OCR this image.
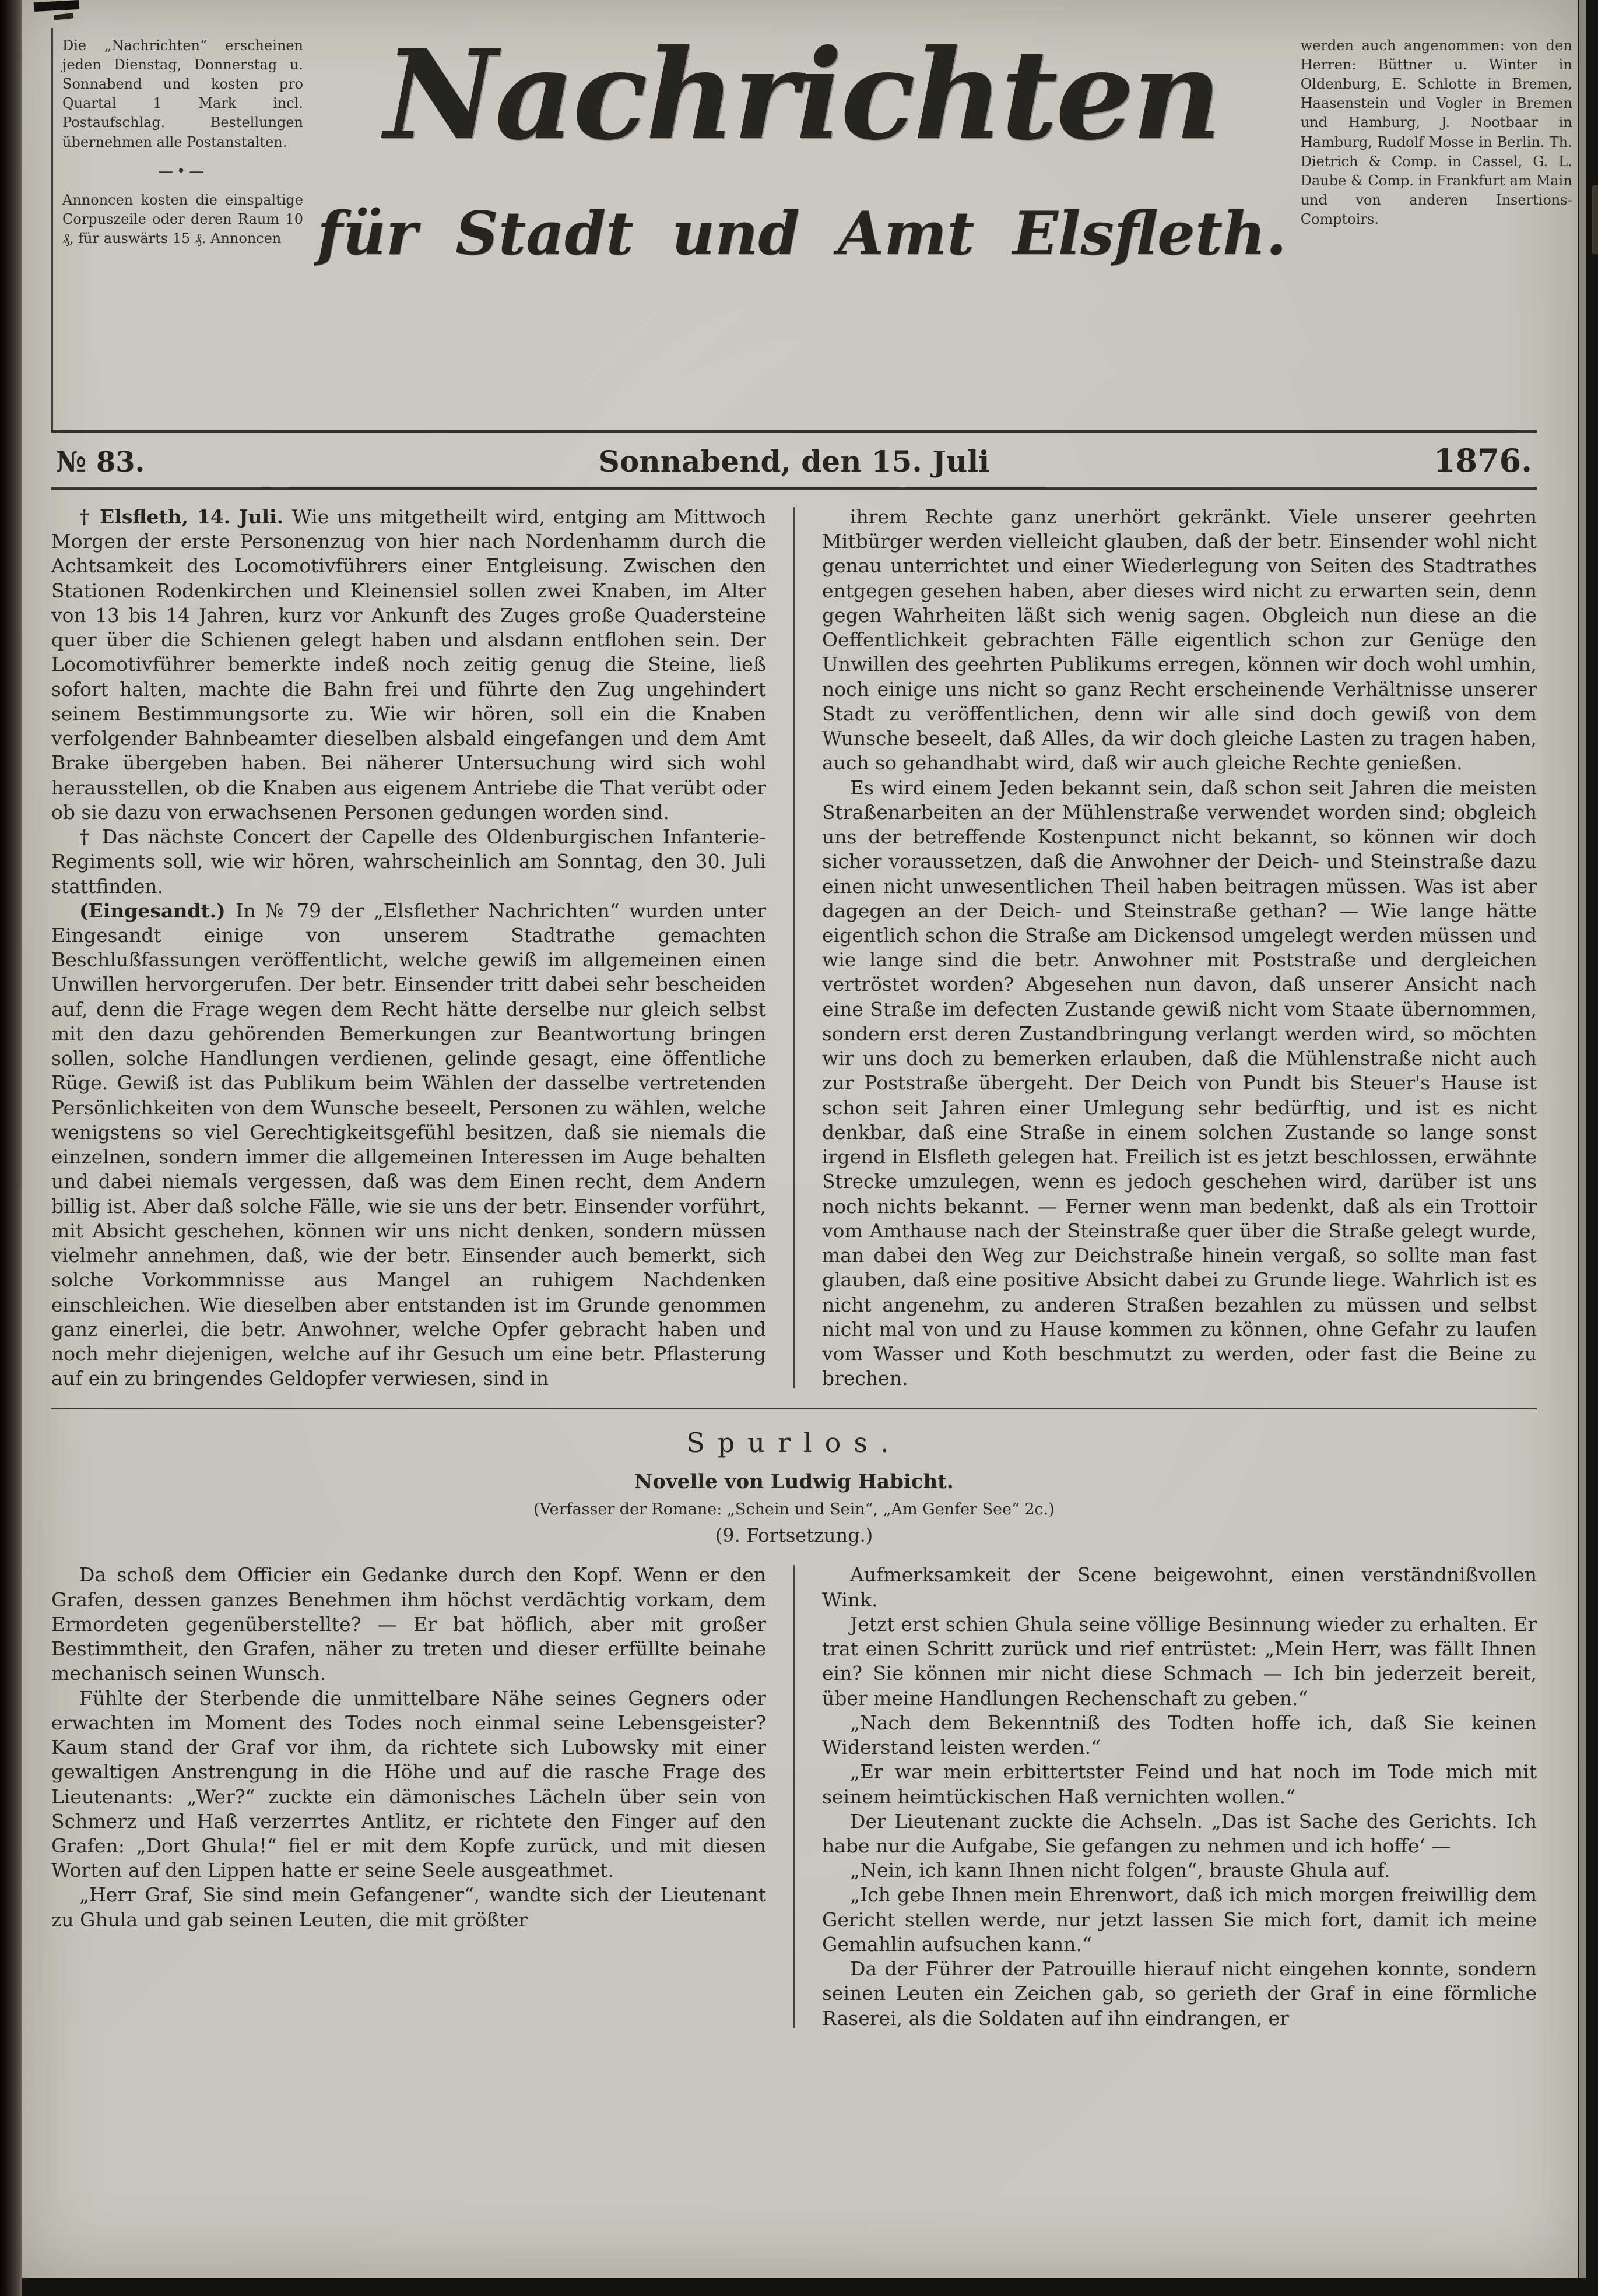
Die „Nachrichten“ erscheinen jeden Dienstag, Donnerstag u. Sonnabend und kosten pro Quartal 1 Mark incl. Postaufschlag. Bestellungen übernehmen alle Postanstalten.
—•—
Annoncen kosten die einspaltige Corpuszeile oder deren Raum 10 ₰, für auswärts 15 ₰. Annoncen
Nachrichten
für Stadt und Amt Elsfleth.
werden auch angenommen: von den Herren: Büttner u. Winter in Oldenburg, E. Schlotte in Bremen, Haasenstein und Vogler in Bremen und Hamburg, J. Nootbaar in Hamburg, Rudolf Mosse in Berlin. Th. Dietrich & Comp. in Cassel, G. L. Daube & Comp. in Frankfurt am Main und von anderen Insertions-Comptoirs.
№ 83.	Sonnabend, den 15. Juli	1876.

† Elsfleth, 14. Juli. Wie uns mitgetheilt wird, entging am Mittwoch Morgen der erste Personenzug von hier nach Nordenhamm durch die Achtsamkeit des Locomotivführers einer Entgleisung. Zwischen den Stationen Rodenkirchen und Kleinensiel sollen zwei Knaben, im Alter von 13 bis 14 Jahren, kurz vor Ankunft des Zuges große Quadersteine quer über die Schienen gelegt haben und alsdann entflohen sein. Der Locomotivführer bemerkte indeß noch zeitig genug die Steine, ließ sofort halten, machte die Bahn frei und führte den Zug ungehindert seinem Bestimmungsorte zu. Wie wir hören, soll ein die Knaben verfolgender Bahnbeamter dieselben alsbald eingefangen und dem Amt Brake übergeben haben. Bei näherer Untersuchung wird sich wohl herausstellen, ob die Knaben aus eigenem Antriebe die That verübt oder ob sie dazu von erwachsenen Personen gedungen worden sind.

† Das nächste Concert der Capelle des Oldenburgischen Infanterie-Regiments soll, wie wir hören, wahrscheinlich am Sonntag, den 30. Juli stattfinden.

(Eingesandt.) In № 79 der „Elsflether Nachrichten“ wurden unter Eingesandt einige von unserem Stadtrathe gemachten Beschlußfassungen veröffentlicht, welche gewiß im allgemeinen einen Unwillen hervorgerufen. Der betr. Einsender tritt dabei sehr bescheiden auf, denn die Frage wegen dem Recht hätte derselbe nur gleich selbst mit den dazu gehörenden Bemerkungen zur Beantwortung bringen sollen, solche Handlungen verdienen, gelinde gesagt, eine öffentliche Rüge. Gewiß ist das Publikum beim Wählen der dasselbe vertretenden Persönlichkeiten von dem Wunsche beseelt, Personen zu wählen, welche wenigstens so viel Gerechtigkeitsgefühl besitzen, daß sie niemals die einzelnen, sondern immer die allgemeinen Interessen im Auge behalten und dabei niemals vergessen, daß was dem Einen recht, dem Andern billig ist. Aber daß solche Fälle, wie sie uns der betr. Einsender vorführt, mit Absicht geschehen, können wir uns nicht denken, sondern müssen vielmehr annehmen, daß, wie der betr. Einsender auch bemerkt, sich solche Vorkommnisse aus Mangel an ruhigem Nachdenken einschleichen. Wie dieselben aber entstanden ist im Grunde genommen ganz einerlei, die betr. Anwohner, welche Opfer gebracht haben und noch mehr diejenigen, welche auf ihr Gesuch um eine betr. Pflasterung auf ein zu bringendes Geldopfer verwiesen, sind in

ihrem Rechte ganz unerhört gekränkt. Viele unserer geehrten Mitbürger werden vielleicht glauben, daß der betr. Einsender wohl nicht genau unterrichtet und einer Wiederlegung von Seiten des Stadtrathes entgegen gesehen haben, aber dieses wird nicht zu erwarten sein, denn gegen Wahrheiten läßt sich wenig sagen. Obgleich nun diese an die Oeffentlichkeit gebrachten Fälle eigentlich schon zur Genüge den Unwillen des geehrten Publikums erregen, können wir doch wohl umhin, noch einige uns nicht so ganz Recht erscheinende Verhältnisse unserer Stadt zu veröffentlichen, denn wir alle sind doch gewiß von dem Wunsche beseelt, daß Alles, da wir doch gleiche Lasten zu tragen haben, auch so gehandhabt wird, daß wir auch gleiche Rechte genießen.

Es wird einem Jeden bekannt sein, daß schon seit Jahren die meisten Straßenarbeiten an der Mühlenstraße verwendet worden sind; obgleich uns der betreffende Kostenpunct nicht bekannt, so können wir doch sicher voraussetzen, daß die Anwohner der Deich- und Steinstraße dazu einen nicht unwesentlichen Theil haben beitragen müssen. Was ist aber dagegen an der Deich- und Steinstraße gethan? — Wie lange hätte eigentlich schon die Straße am Dickensod umgelegt werden müssen und wie lange sind die betr. Anwohner mit Poststraße und dergleichen vertröstet worden? Abgesehen nun davon, daß unserer Ansicht nach eine Straße im defecten Zustande gewiß nicht vom Staate übernommen, sondern erst deren Zustandbringung verlangt werden wird, so möchten wir uns doch zu bemerken erlauben, daß die Mühlenstraße nicht auch zur Poststraße übergeht. Der Deich von Pundt bis Steuer's Hause ist schon seit Jahren einer Umlegung sehr bedürftig, und ist es nicht denkbar, daß eine Straße in einem solchen Zustande so lange sonst irgend in Elsfleth gelegen hat. Freilich ist es jetzt beschlossen, erwähnte Strecke umzulegen, wenn es jedoch geschehen wird, darüber ist uns noch nichts bekannt. — Ferner wenn man bedenkt, daß als ein Trottoir vom Amthause nach der Steinstraße quer über die Straße gelegt wurde, man dabei den Weg zur Deichstraße hinein vergaß, so sollte man fast glauben, daß eine positive Absicht dabei zu Grunde liege. Wahrlich ist es nicht angenehm, zu anderen Straßen bezahlen zu müssen und selbst nicht mal von und zu Hause kommen zu können, ohne Gefahr zu laufen vom Wasser und Koth beschmutzt zu werden, oder fast die Beine zu brechen.

Spurlos.
Novelle von Ludwig Habicht.
(Verfasser der Romane: „Schein und Sein“, „Am Genfer See“ 2c.)
(9. Fortsetzung.)

Da schoß dem Officier ein Gedanke durch den Kopf. Wenn er den Grafen, dessen ganzes Benehmen ihm höchst verdächtig vorkam, dem Ermordeten gegenüberstellte? — Er bat höflich, aber mit großer Bestimmtheit, den Grafen, näher zu treten und dieser erfüllte beinahe mechanisch seinen Wunsch.

Fühlte der Sterbende die unmittelbare Nähe seines Gegners oder erwachten im Moment des Todes noch einmal seine Lebensgeister? Kaum stand der Graf vor ihm, da richtete sich Lubowsky mit einer gewaltigen Anstrengung in die Höhe und auf die rasche Frage des Lieutenants: „Wer?“ zuckte ein dämonisches Lächeln über sein von Schmerz und Haß verzerrtes Antlitz, er richtete den Finger auf den Grafen: „Dort Ghula!“ fiel er mit dem Kopfe zurück, und mit diesen Worten auf den Lippen hatte er seine Seele ausgeathmet.

„Herr Graf, Sie sind mein Gefangener“, wandte sich der Lieutenant zu Ghula und gab seinen Leuten, die mit größter

Aufmerksamkeit der Scene beigewohnt, einen verständnißvollen Wink.

Jetzt erst schien Ghula seine völlige Besinnung wieder zu erhalten. Er trat einen Schritt zurück und rief entrüstet: „Mein Herr, was fällt Ihnen ein? Sie können mir nicht diese Schmach — Ich bin jederzeit bereit, über meine Handlungen Rechenschaft zu geben.“

„Nach dem Bekenntniß des Todten hoffe ich, daß Sie keinen Widerstand leisten werden.“

„Er war mein erbittertster Feind und hat noch im Tode mich mit seinem heimtückischen Haß vernichten wollen.“

Der Lieutenant zuckte die Achseln. „Das ist Sache des Gerichts. Ich habe nur die Aufgabe, Sie gefangen zu nehmen und ich hoffe‘ —

„Nein, ich kann Ihnen nicht folgen“, brauste Ghula auf.

„Ich gebe Ihnen mein Ehrenwort, daß ich mich morgen freiwillig dem Gericht stellen werde, nur jetzt lassen Sie mich fort, damit ich meine Gemahlin aufsuchen kann.“

Da der Führer der Patrouille hierauf nicht eingehen konnte, sondern seinen Leuten ein Zeichen gab, so gerieth der Graf in eine förmliche Raserei, als die Soldaten auf ihn eindrangen, er
